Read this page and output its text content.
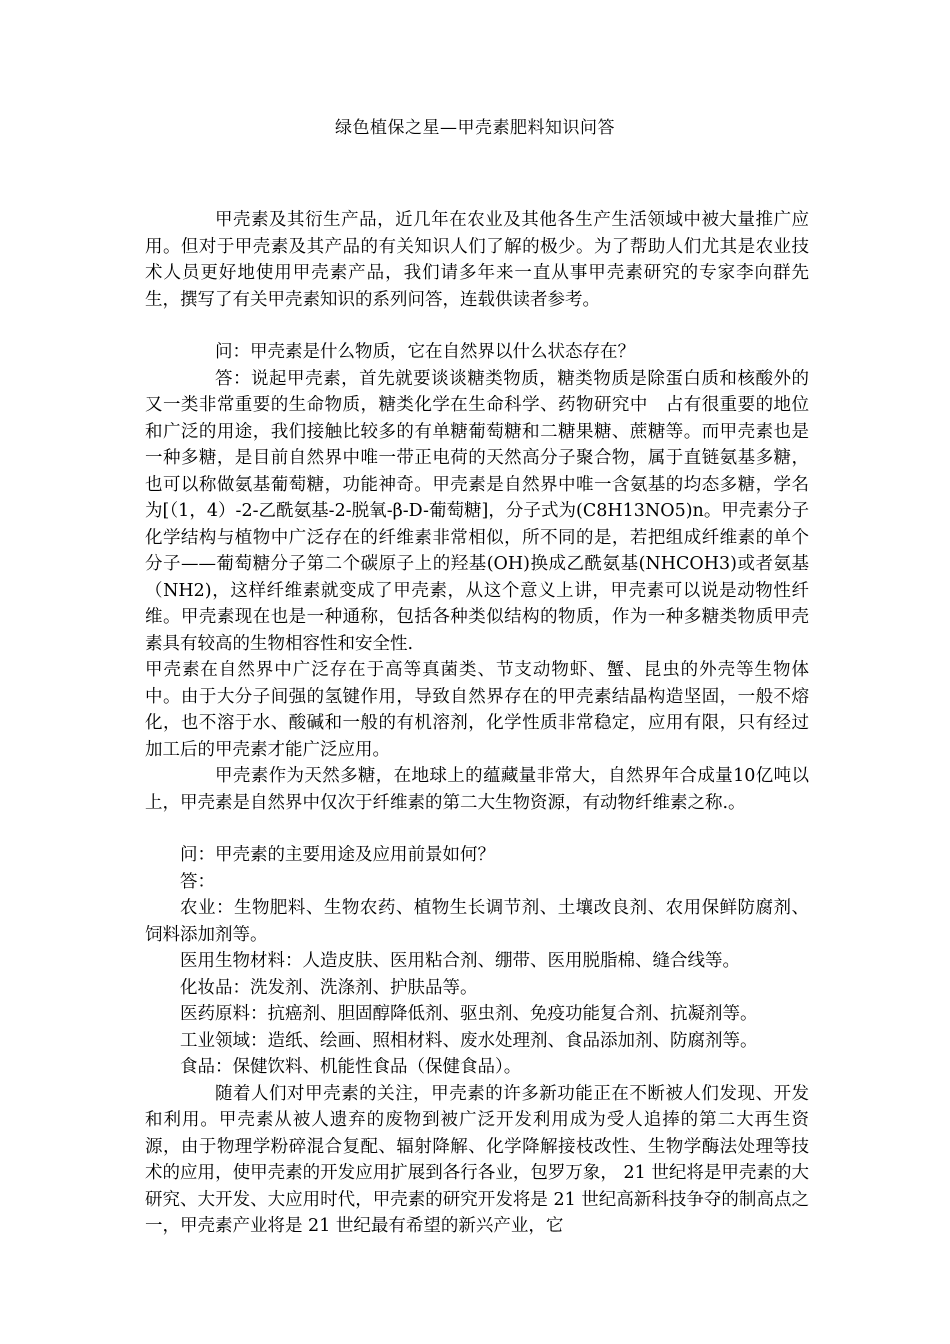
绿色植保之星—甲壳素肥料知识问答

甲壳素及其衍生产品，近几年在农业及其他各生产生活领域中被大量推广应用。但对于甲壳素及其产品的有关知识人们了解的极少。为了帮助人们尤其是农业技术人员更好地使用甲壳素产品，我们请多年来一直从事甲壳素研究的专家李向群先生，撰写了有关甲壳素知识的系列问答，连载供读者参考。

问：甲壳素是什么物质，它在自然界以什么状态存在？

答：说起甲壳素，首先就要谈谈糖类物质，糖类物质是除蛋白质和核酸外的又一类非常重要的生命物质，糖类化学在生命科学、药物研究中　占有很重要的地位和广泛的用途，我们接触比较多的有单糖葡萄糖和二糖果糖、蔗糖等。而甲壳素也是一种多糖，是目前自然界中唯一带正电荷的天然高分子聚合物，属于直链氨基多糖，也可以称做氨基葡萄糖，功能神奇。甲壳素是自然界中唯一含氨基的均态多糖，学名为[（1，4）-2-乙酰氨基-2-脱氧-β-D-葡萄糖]，分子式为(C8H13NO5)n。甲壳素分子化学结构与植物中广泛存在的纤维素非常相似，所不同的是，若把组成纤维素的单个分子——葡萄糖分子第二个碳原子上的羟基(OH)换成乙酰氨基(NHCOH3)或者氨基（NH2)，这样纤维素就变成了甲壳素，从这个意义上讲，甲壳素可以说是动物性纤维。甲壳素现在也是一种通称，包括各种类似结构的物质，作为一种多糖类物质甲壳素具有较高的生物相容性和安全性.

甲壳素在自然界中广泛存在于高等真菌类、节支动物虾、蟹、昆虫的外壳等生物体中。由于大分子间强的氢键作用，导致自然界存在的甲壳素结晶构造坚固，一般不熔化，也不溶于水、酸碱和一般的有机溶剂，化学性质非常稳定，应用有限，只有经过加工后的甲壳素才能广泛应用。

甲壳素作为天然多糖，在地球上的蕴藏量非常大，自然界年合成量10亿吨以上，甲壳素是自然界中仅次于纤维素的第二大生物资源，有动物纤维素之称.。

问：甲壳素的主要用途及应用前景如何？

答：

农业：生物肥料、生物农药、植物生长调节剂、土壤改良剂、农用保鲜防腐剂、饲料添加剂等。

医用生物材料：人造皮肤、医用粘合剂、绷带、医用脱脂棉、缝合线等。

化妆品：洗发剂、洗涤剂、护肤品等。

医药原料：抗癌剂、胆固醇降低剂、驱虫剂、免疫功能复合剂、抗凝剂等。

工业领域：造纸、绘画、照相材料、废水处理剂、食品添加剂、防腐剂等。

食品：保健饮料、机能性食品（保健食品）。

随着人们对甲壳素的关注，甲壳素的许多新功能正在不断被人们发现、开发和利用。甲壳素从被人遗弃的废物到被广泛开发利用成为受人追捧的第二大再生资源，由于物理学粉碎混合复配、辐射降解、化学降解接枝改性、生物学酶法处理等技术的应用，使甲壳素的开发应用扩展到各行各业，包罗万象， 21 世纪将是甲壳素的大研究、大开发、大应用时代，甲壳素的研究开发将是 21 世纪高新科技争夺的制高点之一，甲壳素产业将是 21 世纪最有希望的新兴产业，它
